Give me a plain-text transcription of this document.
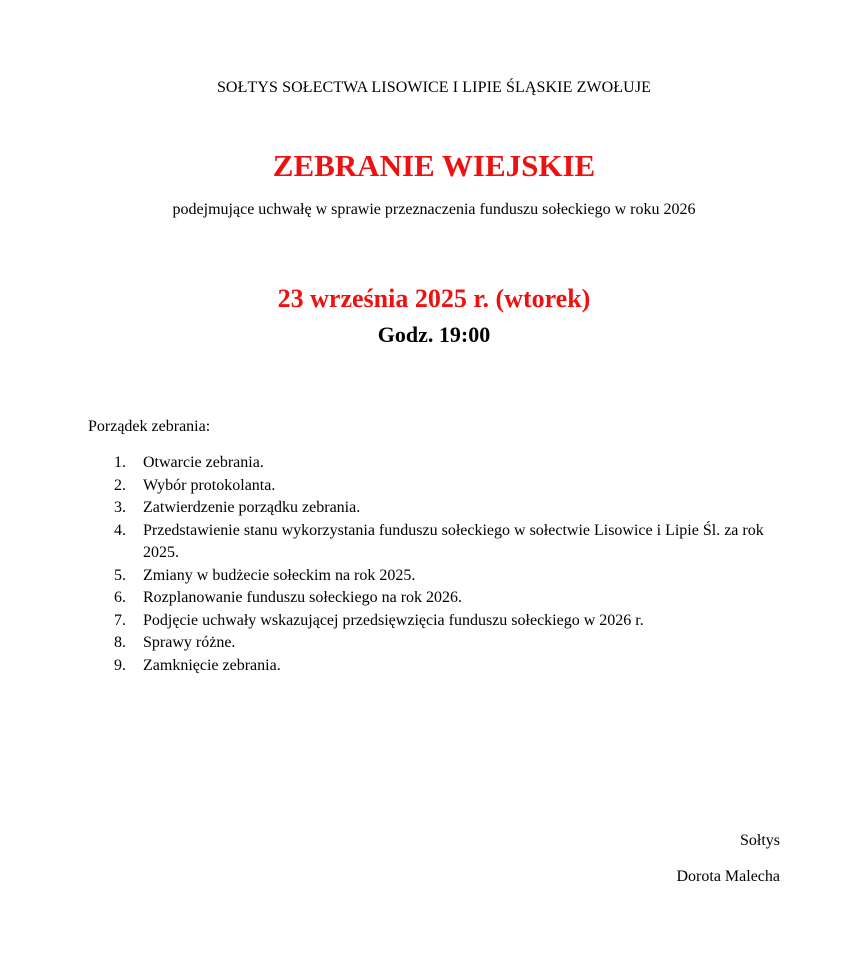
SOŁTYS SOŁECTWA LISOWICE I LIPIE ŚLĄSKIE ZWOŁUJE
ZEBRANIE WIEJSKIE
podejmujące uchwałę w sprawie przeznaczenia funduszu sołeckiego w roku 2026
23 września 2025 r. (wtorek)
Godz. 19:00
Porządek zebrania:
1. Otwarcie zebrania.
2. Wybór protokolanta.
3. Zatwierdzenie porządku zebrania.
4. Przedstawienie stanu wykorzystania funduszu sołeckiego w sołectwie Lisowice i Lipie Śl. za rok 2025.
5. Zmiany w budżecie sołeckim na rok 2025.
6. Rozplanowanie funduszu sołeckiego na rok 2026.
7. Podjęcie uchwały wskazującej przedsięwzięcia funduszu sołeckiego w 2026 r.
8. Sprawy różne.
9. Zamknięcie zebrania.
Sołtys
Dorota Malecha
